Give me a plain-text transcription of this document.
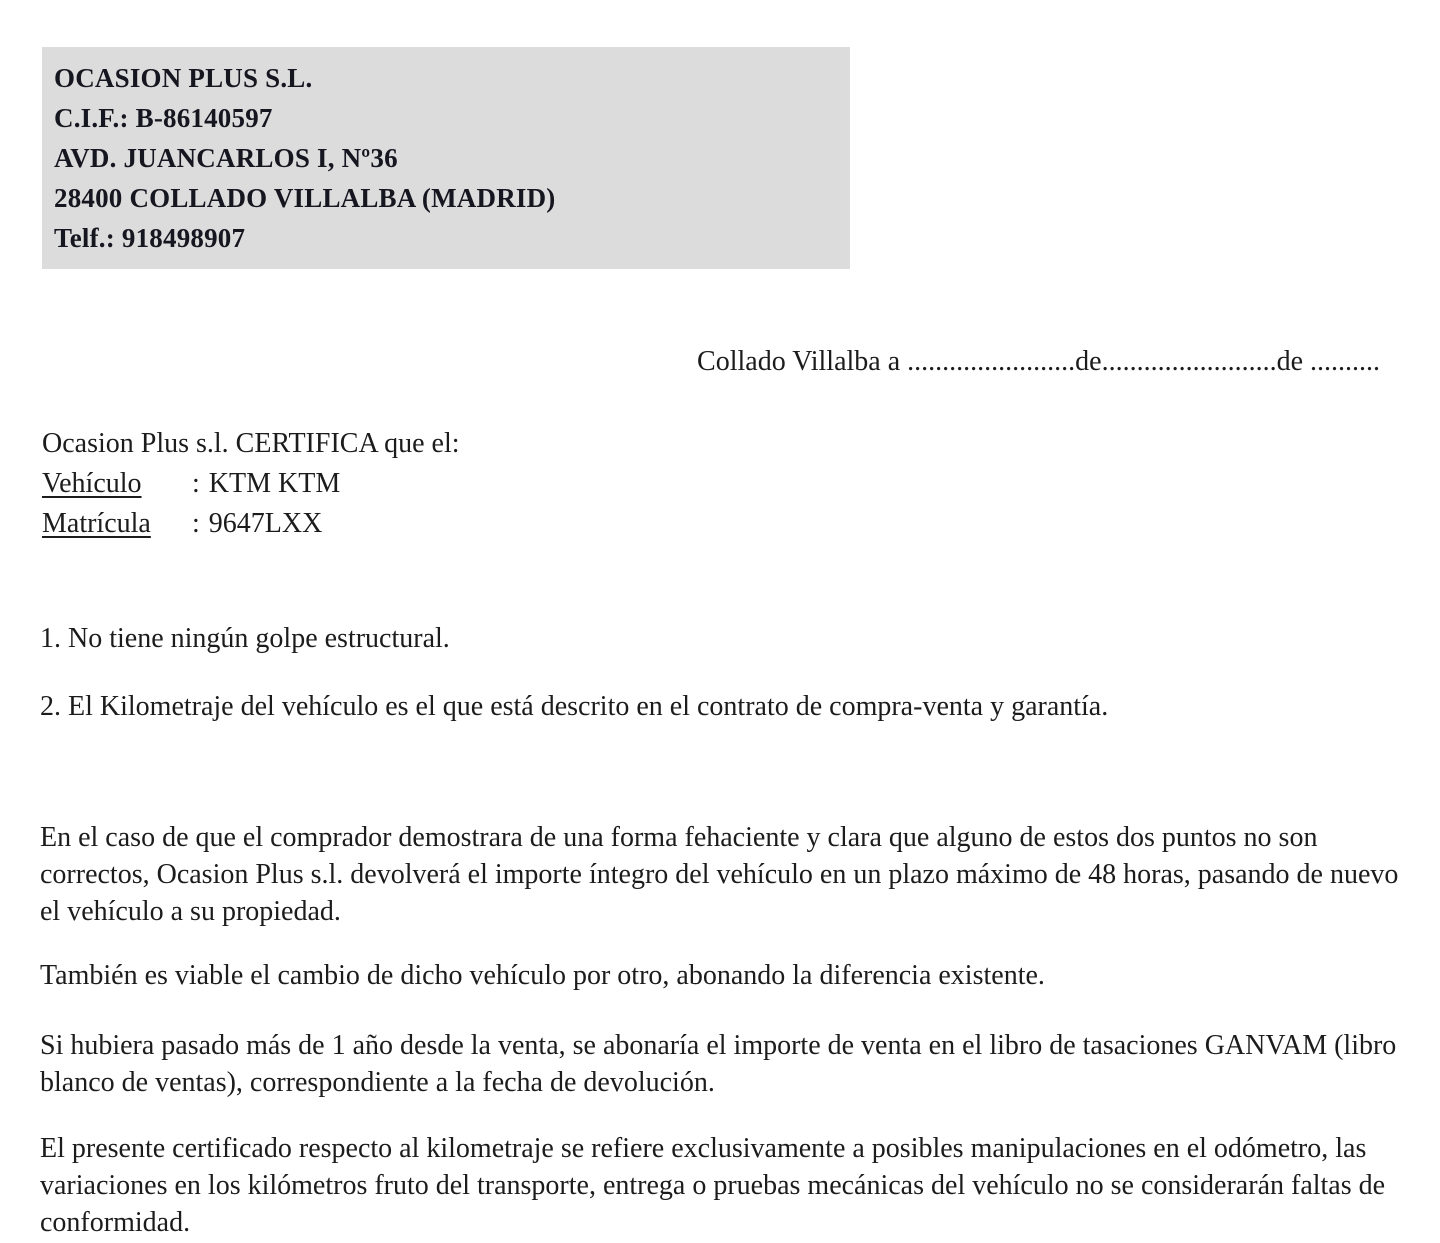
OCASION PLUS S.L.
C.I.F.: B-86140597
AVD. JUANCARLOS I, Nº36
28400 COLLADO VILLALBA (MADRID)
Telf.: 918498907
Collado Villalba a ........................de.........................de ..........
Ocasion Plus s.l. CERTIFICA que el:
Vehículo : KTM KTM
Matrícula : 9647LXX
1. No tiene ningún golpe estructural.
2. El Kilometraje del vehículo es el que está descrito en el contrato de compra-venta y garantía.
En el caso de que el comprador demostrara de una forma fehaciente y clara que alguno de estos dos puntos no son correctos, Ocasion Plus s.l. devolverá el importe íntegro del vehículo en un plazo máximo de 48 horas, pasando de nuevo el vehículo a su propiedad.
También es viable el cambio de dicho vehículo por otro, abonando la diferencia existente.
Si hubiera pasado más de 1 año desde la venta, se abonaría el importe de venta en el libro de tasaciones GANVAM (libro blanco de ventas), correspondiente a la fecha de devolución.
El presente certificado respecto al kilometraje se refiere exclusivamente a posibles manipulaciones en el odómetro, las variaciones en los kilómetros fruto del transporte, entrega o pruebas mecánicas del vehículo no se considerarán faltas de conformidad.
